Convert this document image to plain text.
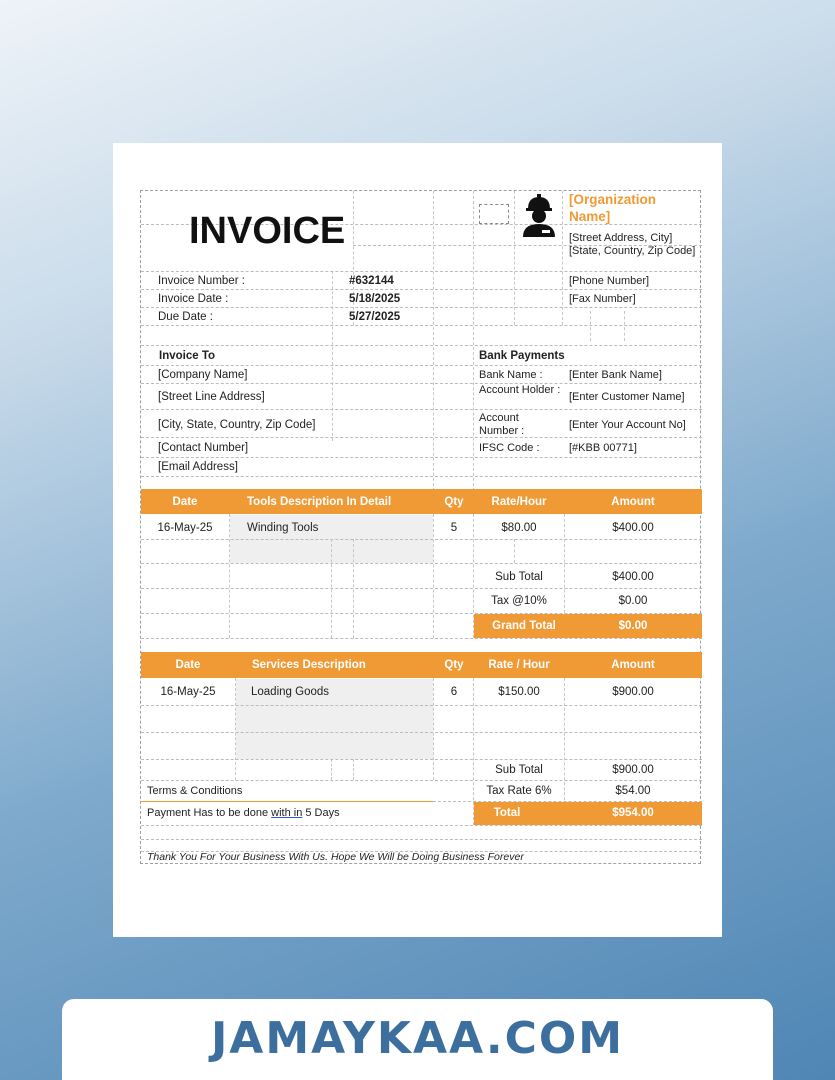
INVOICE
[Organization Name]
[Street Address, City]
[State, Country, Zip Code]
[Phone Number]
[Fax Number]
Invoice Number :	#632144
Invoice Date :	5/18/2025
Due Date :	5/27/2025
Invoice To
[Company Name]
[Street Line Address]
[City, State, Country, Zip Code]
[Contact Number]
[Email Address]
Bank Payments
Bank Name : [Enter Bank Name]
Account Holder :
[Enter Customer Name]
Account Number :	[Enter Your Account No]
IFSC Code :	[#KBB 00771]
Date	Tools Description In Detail	Qty	Rate/Hour	Amount
16-May-25	Winding Tools	5	$80.00	$400.00
Sub Total	$400.00
Tax @10%	$0.00
Grand Total	$0.00
Date	Services Description	Qty	Rate / Hour	Amount
16-May-25	Loading Goods	6	$150.00	$900.00
Sub Total	$900.00
Tax Rate 6%	$54.00
Total	$954.00
Terms & Conditions
Payment Has to be done with in 5 Days
Thank You For Your Business With Us. Hope We Will be Doing Business Forever
JAMAYKAA.COM
